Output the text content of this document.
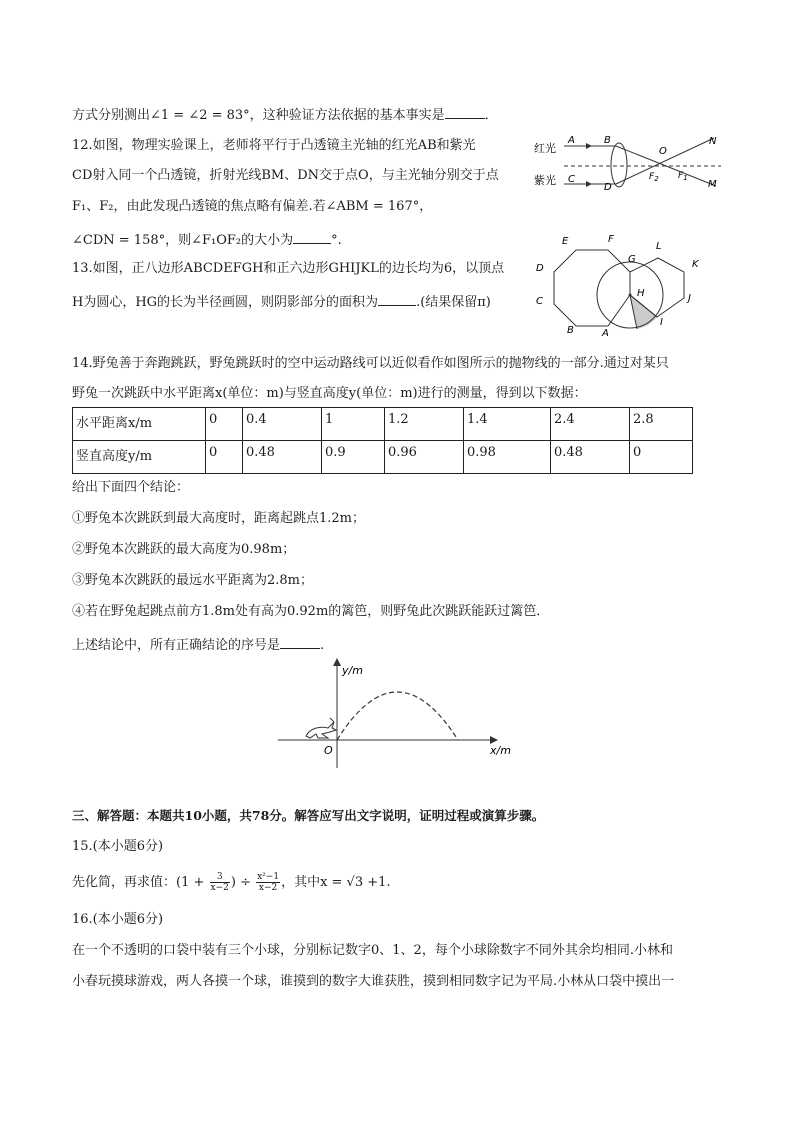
方式分别测出∠1 = ∠2 = 83°，这种验证方法依据的基本事实是	．
12.如图，物理实验课上，老师将平行于凸透镜主光轴的红光AB和紫光
CD射入同一个凸透镜，折射光线BM、DN交于点O，与主光轴分别交于点
F₁、F₂，由此发现凸透镜的焦点略有偏差.若∠ABM = 167°，
∠CDN = 158°，则∠F₁OF₂的大小为	°.
红光
紫光
A	B
C
D
O
N
M
$F_2$ $F_1$
13.如图，正八边形ABCDEFGH和正六边形GHIJKL的边长均为6，以顶点
H为圆心，HG的长为半径画圆，则阴影部分的面积为	.(结果保留π)
A
B
C
D
E	F
G
H
I
J
K
L
14.野兔善于奔跑跳跃，野兔跳跃时的空中运动路线可以近似看作如图所示的抛物线的一部分.通过对某只
野兔一次跳跃中水平距离x(单位：m)与竖直高度y(单位：m)进行的测量，得到以下数据：
水平距离x/m	0	0.4	1	1.2	1.4	2.4	2.8
竖直高度y/m	0	0.48	0.9	0.96	0.98	0.48	0
给出下面四个结论：
①野兔本次跳跃到最大高度时，距离起跳点1.2m；
②野兔本次跳跃的最大高度为0.98m；
③野兔本次跳跃的最远水平距离为2.8m；
④若在野兔起跳点前方1.8m处有高为0.92m的篱笆，则野兔此次跳跃能跃过篱笆．
上述结论中，所有正确结论的序号是	.
y/m
x/m
O
三、解答题：本题共10小题，共78分。解答应写出文字说明，证明过程或演算步骤。
15.(本小题6分)
先化简，再求值：($1 + \frac{3}{x-2}$ ) ÷ $\frac{\text{x²−1}}{x-2}$ ，其中x = √3 +1.
16.(本小题6分)
在一个不透明的口袋中装有三个小球，分别标记数字0、1、2，每个小球除数字不同外其余均相同.小林和
小春玩摸球游戏，两人各摸一个球，谁摸到的数字大谁获胜，摸到相同数字记为平局.小林从口袋中摸出一
